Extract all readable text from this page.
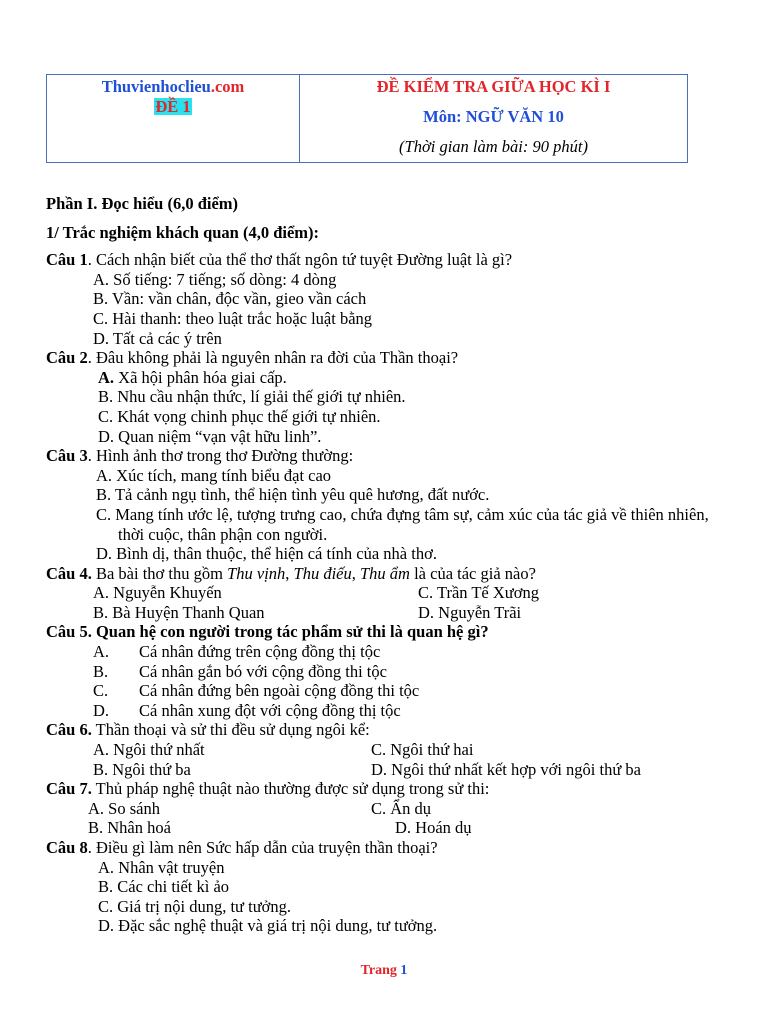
Thuvienhoclieu.com
ĐỀ 1
ĐỀ KIỂM TRA GIỮA HỌC KÌ I
Môn: NGỮ VĂN 10
(Thời gian làm bài: 90 phút)
Phần I. Đọc hiểu (6,0 điểm)
1/ Trắc nghiệm khách quan (4,0 điểm):
Câu 1. Cách nhận biết của thể thơ thất ngôn tứ tuyệt Đường luật là gì?
A. Số tiếng: 7 tiếng; số dòng: 4 dòng
B. Vần: vần chân, độc vần, gieo vần cách
C. Hài thanh: theo luật trắc hoặc luật bằng
D. Tất cả các ý trên
Câu 2. Đâu không phải là nguyên nhân ra đời của Thần thoại?
A. Xã hội phân hóa giai cấp.
B. Nhu cầu nhận thức, lí giải thế giới tự nhiên.
C. Khát vọng chinh phục thế giới tự nhiên.
D. Quan niệm “vạn vật hữu linh”.
Câu 3. Hình ảnh thơ trong thơ Đường thường:
A. Xúc tích, mang tính biểu đạt cao
B. Tả cảnh ngụ tình, thể hiện tình yêu quê hương, đất nước.
C. Mang tính ước lệ, tượng trưng cao, chứa đựng tâm sự, cảm xúc của tác giả về thiên nhiên, thời cuộc, thân phận con người.
D. Bình dị, thân thuộc, thể hiện cá tính của nhà thơ.
Câu 4. Ba bài thơ thu gồm Thu vịnh, Thu điếu, Thu ẩm là của tác giả nào?
A. Nguyễn Khuyến	C. Trần Tế Xương
B. Bà Huyện Thanh Quan	D. Nguyễn Trãi
Câu 5. Quan hệ con người trong tác phẩm sử thi là quan hệ gì?
A.	Cá nhân đứng trên cộng đồng thị tộc
B.	Cá nhân gắn bó với cộng đồng thi tộc
C.	Cá nhân đứng bên ngoài cộng đồng thi tộc
D.	Cá nhân xung đột với cộng đồng thị tộc
Câu 6. Thần thoại và sử thi đều sử dụng ngôi kể:
A. Ngôi thứ nhất	C. Ngôi thứ hai
B. Ngôi thứ ba	D. Ngôi thứ nhất kết hợp với ngôi thứ ba
Câu 7. Thủ pháp nghệ thuật nào thường được sử dụng trong sử thi:
A. So sánh	C. Ẩn dụ
B. Nhân hoá	D. Hoán dụ
Câu 8. Điều gì làm nên Sức hấp dẫn của truyện thần thoại?
A. Nhân vật truyện
B. Các chi tiết kì ảo
C. Giá trị nội dung, tư tưởng.
D. Đặc sắc nghệ thuật và giá trị nội dung, tư tưởng.
Trang 1
